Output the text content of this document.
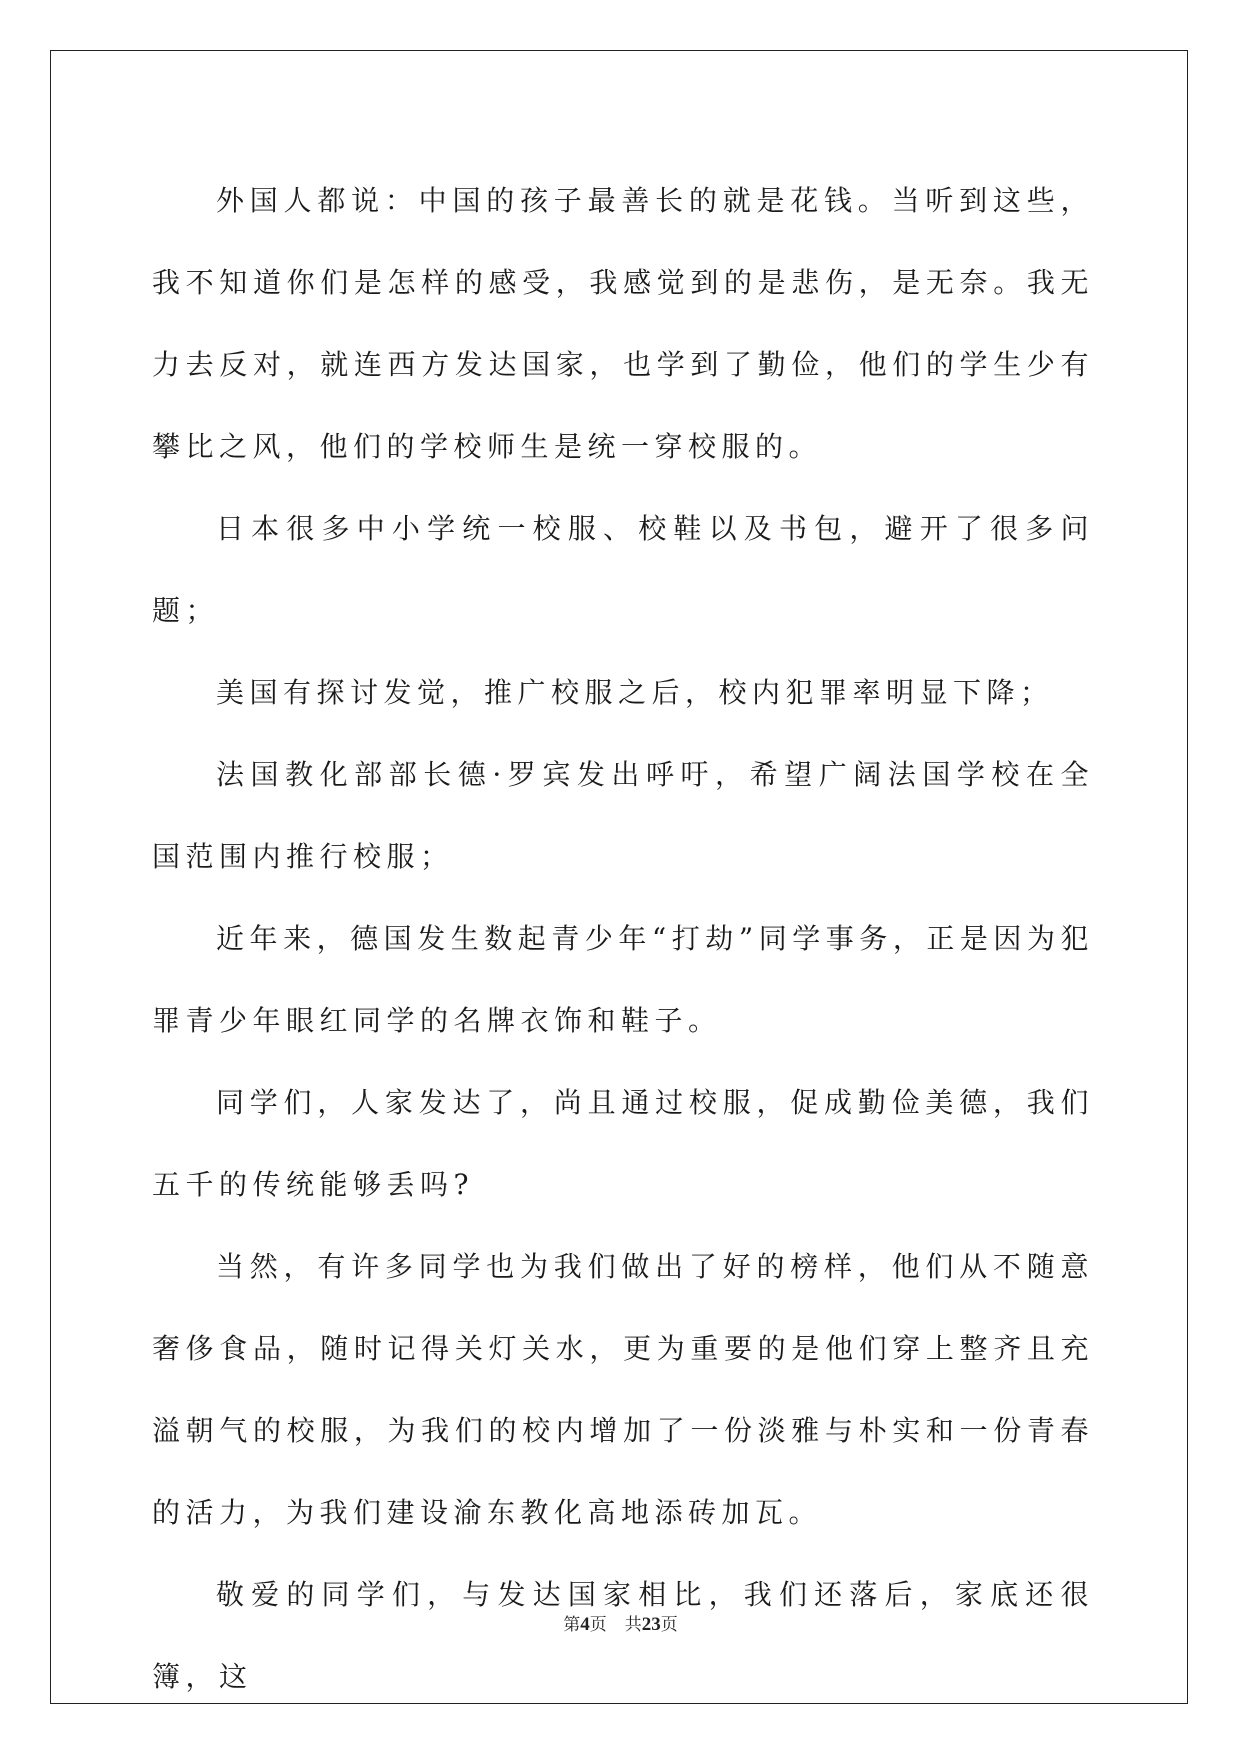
外国人都说：中国的孩子最善长的就是花钱。当听到这些，我不知道你们是怎样的感受，我感觉到的是悲伤，是无奈。我无力去反对，就连西方发达国家，也学到了勤俭，他们的学生少有攀比之风，他们的学校师生是统一穿校服的。

日本很多中小学统一校服、校鞋以及书包，避开了很多问题；

美国有探讨发觉，推广校服之后，校内犯罪率明显下降；

法国教化部部长德·罗宾发出呼吁，希望广阔法国学校在全国范围内推行校服；

近年来，德国发生数起青少年“打劫”同学事务，正是因为犯罪青少年眼红同学的名牌衣饰和鞋子。

同学们，人家发达了，尚且通过校服，促成勤俭美德，我们五千的传统能够丢吗?

当然，有许多同学也为我们做出了好的榜样，他们从不随意奢侈食品，随时记得关灯关水，更为重要的是他们穿上整齐且充溢朝气的校服，为我们的校内增加了一份淡雅与朴实和一份青春的活力，为我们建设渝东教化高地添砖加瓦。

敬爱的同学们，与发达国家相比，我们还落后，家底还很簿，这

第4页 共23页
